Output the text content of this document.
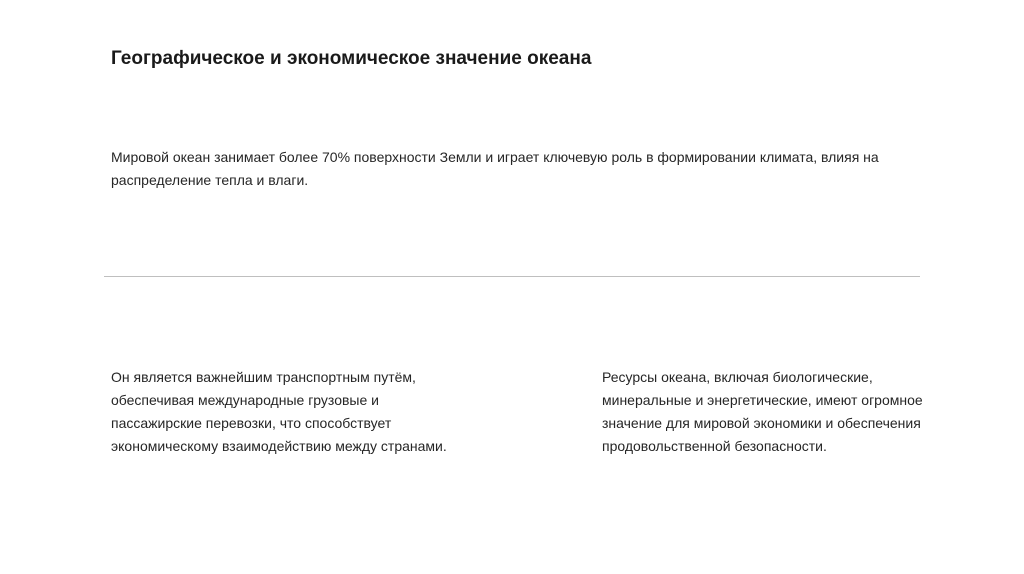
Географическое и экономическое значение океана

Мировой океан занимает более 70% поверхности Земли и играет ключевую роль в формировании климата, влияя на распределение тепла и влаги.

Он является важнейшим транспортным путём, обеспечивая международные грузовые и пассажирские перевозки, что способствует экономическому взаимодействию между странами.

Ресурсы океана, включая биологические, минеральные и энергетические, имеют огромное значение для мировой экономики и обеспечения продовольственной безопасности.
